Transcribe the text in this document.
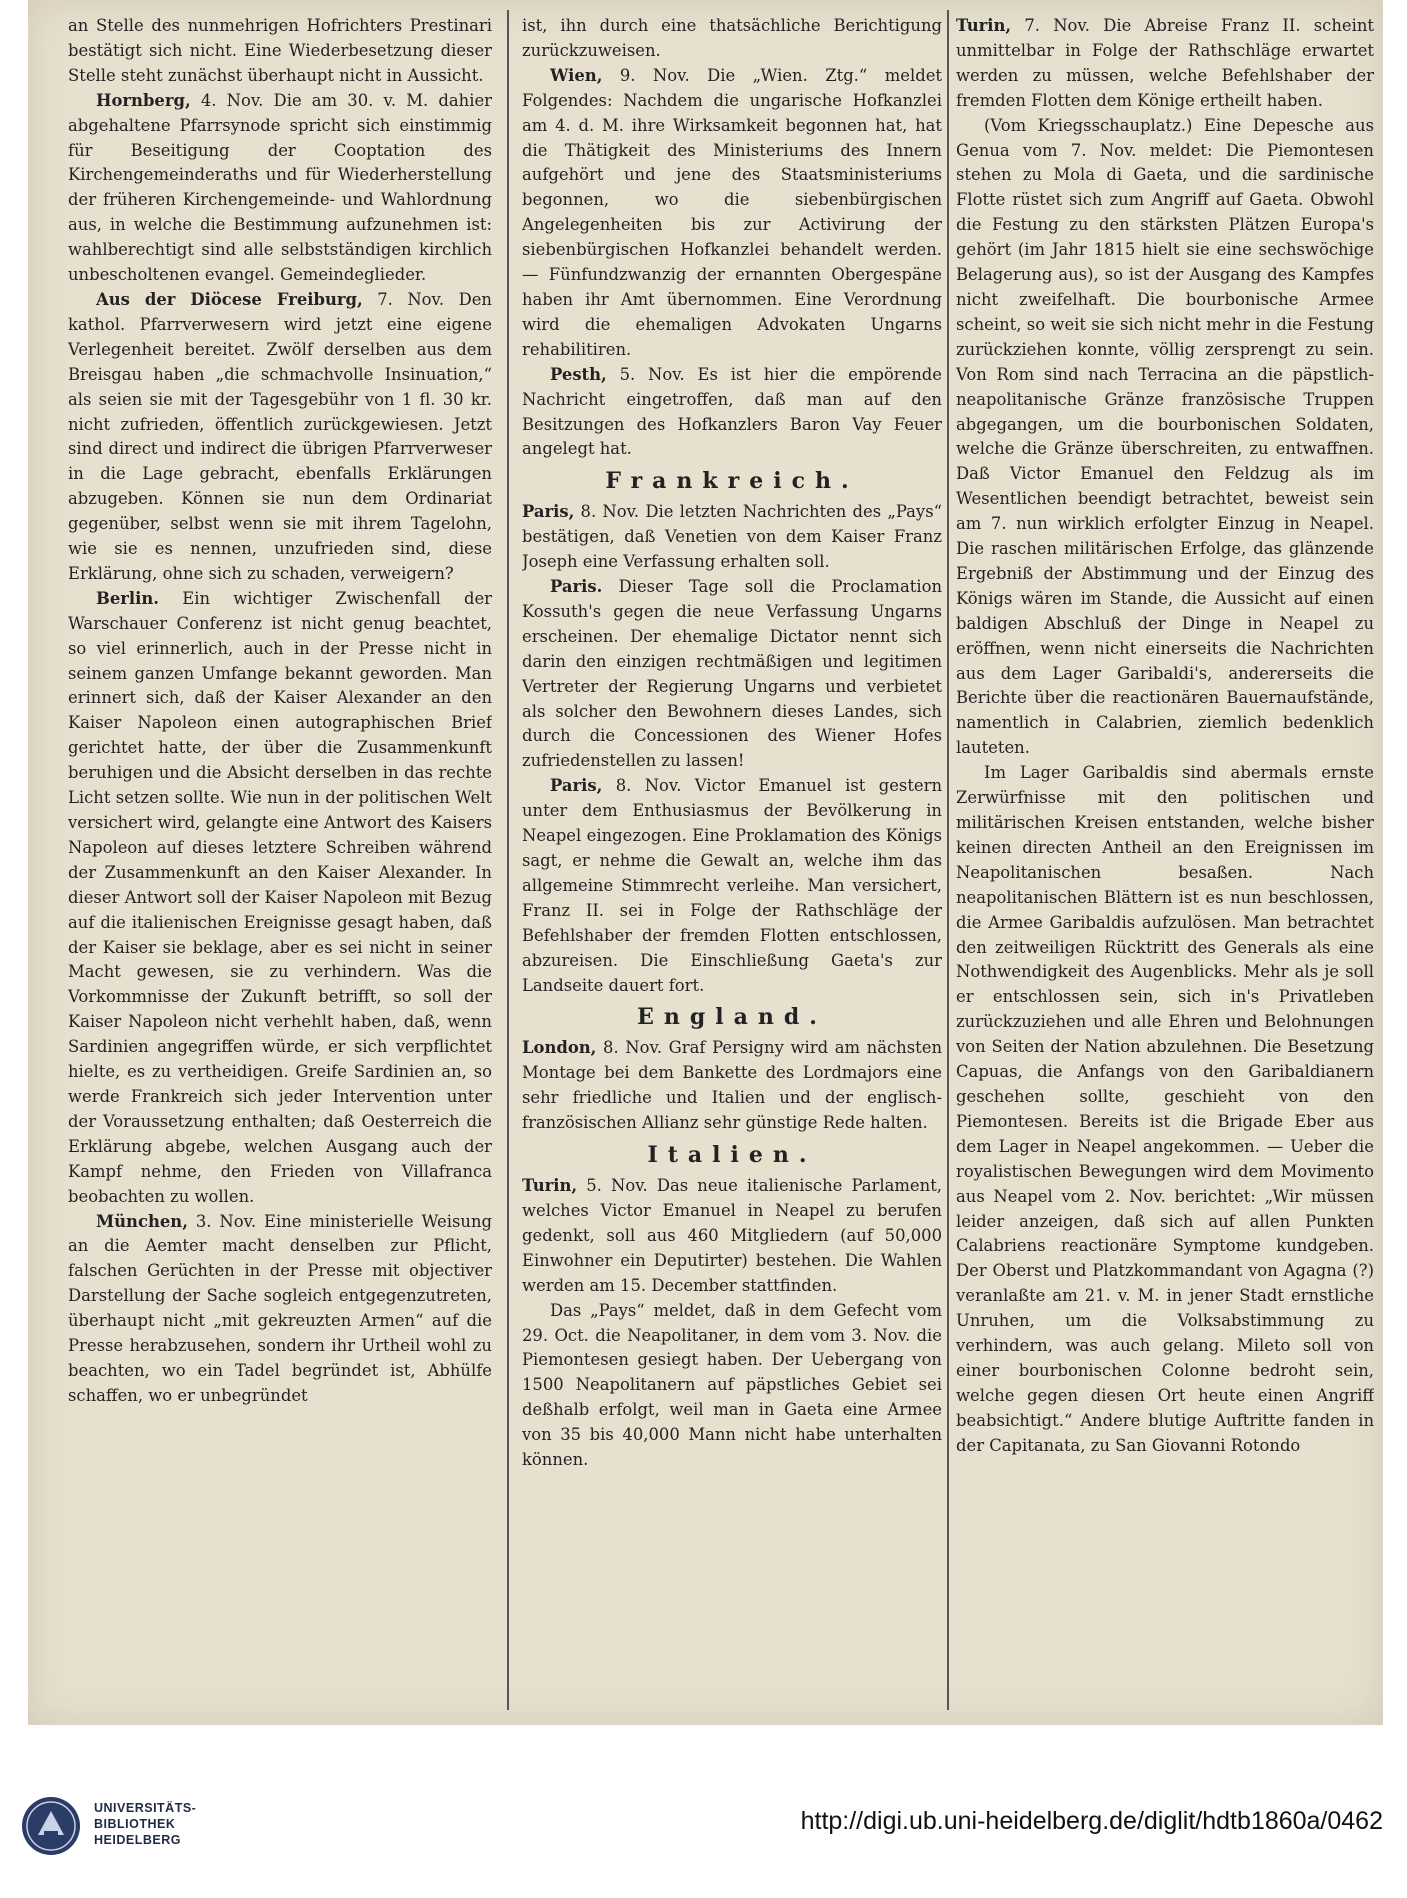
an Stelle des nunmehrigen Hofrichters Prestinari bestätigt sich nicht. Eine Wiederbesetzung dieser Stelle steht zunächst überhaupt nicht in Aussicht.

Hornberg, 4. Nov. Die am 30. v. M. dahier abgehaltene Pfarrsynode spricht sich einstimmig für Beseitigung der Cooptation des Kirchengemeinderaths und für Wiederherstellung der früheren Kirchengemeinde- und Wahlordnung aus, in welche die Bestimmung aufzunehmen ist: wahlberechtigt sind alle selbstständigen kirchlich unbescholtenen evangel. Gemeindeglieder.

Aus der Diöcese Freiburg, 7. Nov. Den kathol. Pfarrverwesern wird jetzt eine eigene Verlegenheit bereitet. Zwölf derselben aus dem Breisgau haben „die schmachvolle Insinuation,“ als seien sie mit der Tagesgebühr von 1 fl. 30 kr. nicht zufrieden, öffentlich zurückgewiesen. Jetzt sind direct und indirect die übrigen Pfarrverweser in die Lage gebracht, ebenfalls Erklärungen abzugeben. Können sie nun dem Ordinariat gegenüber, selbst wenn sie mit ihrem Tagelohn, wie sie es nennen, unzufrieden sind, diese Erklärung, ohne sich zu schaden, verweigern?

Berlin. Ein wichtiger Zwischenfall der Warschauer Conferenz ist nicht genug beachtet, so viel erinnerlich, auch in der Presse nicht in seinem ganzen Umfange bekannt geworden. Man erinnert sich, daß der Kaiser Alexander an den Kaiser Napoleon einen autographischen Brief gerichtet hatte, der über die Zusammenkunft beruhigen und die Absicht derselben in das rechte Licht setzen sollte. Wie nun in der politischen Welt versichert wird, gelangte eine Antwort des Kaisers Napoleon auf dieses letztere Schreiben während der Zusammenkunft an den Kaiser Alexander. In dieser Antwort soll der Kaiser Napoleon mit Bezug auf die italienischen Ereignisse gesagt haben, daß der Kaiser sie beklage, aber es sei nicht in seiner Macht gewesen, sie zu verhindern. Was die Vorkommnisse der Zukunft betrifft, so soll der Kaiser Napoleon nicht verhehlt haben, daß, wenn Sardinien angegriffen würde, er sich verpflichtet hielte, es zu vertheidigen. Greife Sardinien an, so werde Frankreich sich jeder Intervention unter der Voraussetzung enthalten; daß Oesterreich die Erklärung abgebe, welchen Ausgang auch der Kampf nehme, den Frieden von Villafranca beobachten zu wollen.

München, 3. Nov. Eine ministerielle Weisung an die Aemter macht denselben zur Pflicht, falschen Gerüchten in der Presse mit objectiver Darstellung der Sache sogleich entgegenzutreten, überhaupt nicht „mit gekreuzten Armen“ auf die Presse herabzusehen, sondern ihr Urtheil wohl zu beachten, wo ein Tadel begründet ist, Abhülfe schaffen, wo er unbegründet

ist, ihn durch eine thatsächliche Berichtigung zurückzuweisen.

Wien, 9. Nov. Die „Wien. Ztg.“ meldet Folgendes: Nachdem die ungarische Hofkanzlei am 4. d. M. ihre Wirksamkeit begonnen hat, hat die Thätigkeit des Ministeriums des Innern aufgehört und jene des Staatsministeriums begonnen, wo die siebenbürgischen Angelegenheiten bis zur Activirung der siebenbürgischen Hofkanzlei behandelt werden. — Fünfundzwanzig der ernannten Obergespäne haben ihr Amt übernommen. Eine Verordnung wird die ehemaligen Advokaten Ungarns rehabilitiren.

Pesth, 5. Nov. Es ist hier die empörende Nachricht eingetroffen, daß man auf den Besitzungen des Hofkanzlers Baron Vay Feuer angelegt hat.

Frankreich.

Paris, 8. Nov. Die letzten Nachrichten des „Pays“ bestätigen, daß Venetien von dem Kaiser Franz Joseph eine Verfassung erhalten soll.

Paris. Dieser Tage soll die Proclamation Kossuth's gegen die neue Verfassung Ungarns erscheinen. Der ehemalige Dictator nennt sich darin den einzigen rechtmäßigen und legitimen Vertreter der Regierung Ungarns und verbietet als solcher den Bewohnern dieses Landes, sich durch die Concessionen des Wiener Hofes zufriedenstellen zu lassen!

Paris, 8. Nov. Victor Emanuel ist gestern unter dem Enthusiasmus der Bevölkerung in Neapel eingezogen. Eine Proklamation des Königs sagt, er nehme die Gewalt an, welche ihm das allgemeine Stimmrecht verleihe. Man versichert, Franz II. sei in Folge der Rathschläge der Befehlshaber der fremden Flotten entschlossen, abzureisen. Die Einschließung Gaeta's zur Landseite dauert fort.

England.

London, 8. Nov. Graf Persigny wird am nächsten Montage bei dem Bankette des Lordmajors eine sehr friedliche und Italien und der englisch-französischen Allianz sehr günstige Rede halten.

Italien.

Turin, 5. Nov. Das neue italienische Parlament, welches Victor Emanuel in Neapel zu berufen gedenkt, soll aus 460 Mitgliedern (auf 50,000 Einwohner ein Deputirter) bestehen. Die Wahlen werden am 15. December stattfinden.

Das „Pays“ meldet, daß in dem Gefecht vom 29. Oct. die Neapolitaner, in dem vom 3. Nov. die Piemontesen gesiegt haben. Der Uebergang von 1500 Neapolitanern auf päpstliches Gebiet sei deßhalb erfolgt, weil man in Gaeta eine Armee von 35 bis 40,000 Mann nicht habe unterhalten können.

Turin, 7. Nov. Die Abreise Franz II. scheint unmittelbar in Folge der Rathschläge erwartet werden zu müssen, welche Befehlshaber der fremden Flotten dem Könige ertheilt haben.

(Vom Kriegsschauplatz.) Eine Depesche aus Genua vom 7. Nov. meldet: Die Piemontesen stehen zu Mola di Gaeta, und die sardinische Flotte rüstet sich zum Angriff auf Gaeta. Obwohl die Festung zu den stärksten Plätzen Europa's gehört (im Jahr 1815 hielt sie eine sechswöchige Belagerung aus), so ist der Ausgang des Kampfes nicht zweifelhaft. Die bourbonische Armee scheint, so weit sie sich nicht mehr in die Festung zurückziehen konnte, völlig zersprengt zu sein. Von Rom sind nach Terracina an die päpstlich-neapolitanische Gränze französische Truppen abgegangen, um die bourbonischen Soldaten, welche die Gränze überschreiten, zu entwaffnen. Daß Victor Emanuel den Feldzug als im Wesentlichen beendigt betrachtet, beweist sein am 7. nun wirklich erfolgter Einzug in Neapel. Die raschen militärischen Erfolge, das glänzende Ergebniß der Abstimmung und der Einzug des Königs wären im Stande, die Aussicht auf einen baldigen Abschluß der Dinge in Neapel zu eröffnen, wenn nicht einerseits die Nachrichten aus dem Lager Garibaldi's, andererseits die Berichte über die reactionären Bauernaufstände, namentlich in Calabrien, ziemlich bedenklich lauteten.

Im Lager Garibaldis sind abermals ernste Zerwürfnisse mit den politischen und militärischen Kreisen entstanden, welche bisher keinen directen Antheil an den Ereignissen im Neapolitanischen besaßen. Nach neapolitanischen Blättern ist es nun beschlossen, die Armee Garibaldis aufzulösen. Man betrachtet den zeitweiligen Rücktritt des Generals als eine Nothwendigkeit des Augenblicks. Mehr als je soll er entschlossen sein, sich in's Privatleben zurückzuziehen und alle Ehren und Belohnungen von Seiten der Nation abzulehnen. Die Besetzung Capuas, die Anfangs von den Garibaldianern geschehen sollte, geschieht von den Piemontesen. Bereits ist die Brigade Eber aus dem Lager in Neapel angekommen. — Ueber die royalistischen Bewegungen wird dem Movimento aus Neapel vom 2. Nov. berichtet: „Wir müssen leider anzeigen, daß sich auf allen Punkten Calabriens reactionäre Symptome kundgeben. Der Oberst und Platzkommandant von Agagna (?) veranlaßte am 21. v. M. in jener Stadt ernstliche Unruhen, um die Volksabstimmung zu verhindern, was auch gelang. Mileto soll von einer bourbonischen Colonne bedroht sein, welche gegen diesen Ort heute einen Angriff beabsichtigt.“ Andere blutige Auftritte fanden in der Capitanata, zu San Giovanni Rotondo

UNIVERSITÄTS-
BIBLIOTHEK
HEIDELBERG
http://digi.ub.uni-heidelberg.de/diglit/hdtb1860a/0462
